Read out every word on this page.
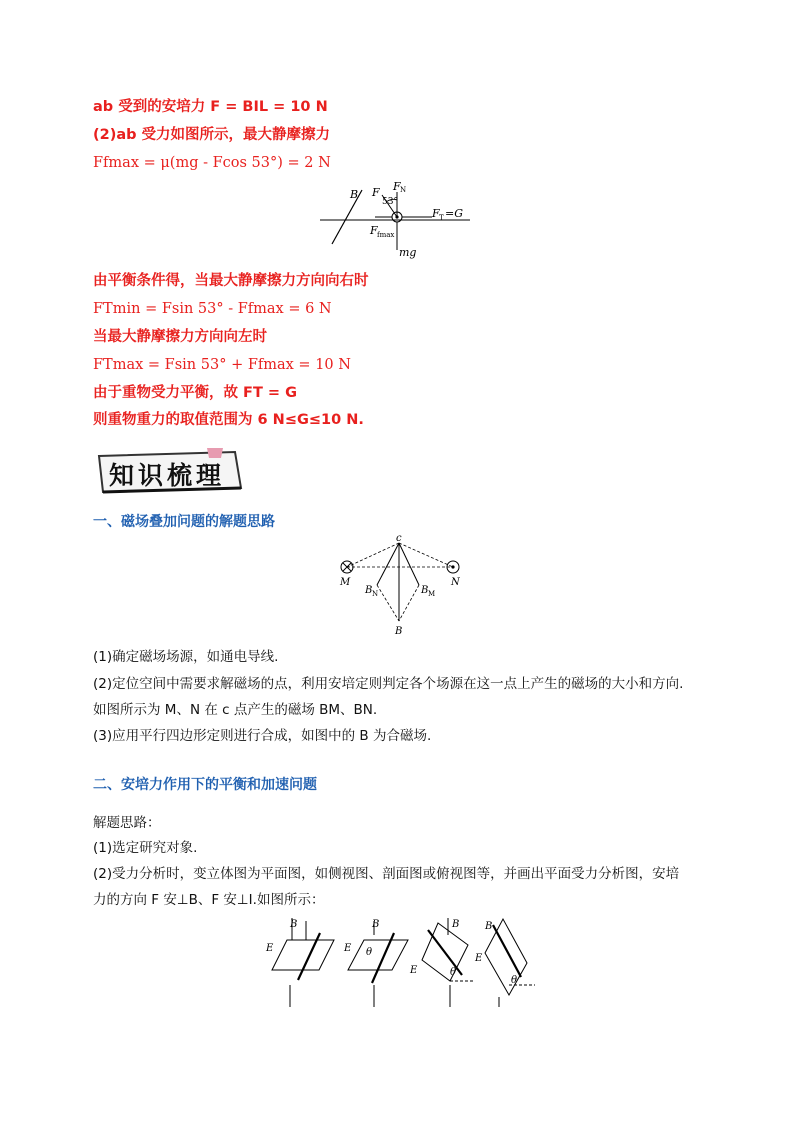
ab 受到的安培力 F = BIL = 10 N
(2)ab 受力如图所示，最大静摩擦力
Ffmax = μ(mg - Fcos 53°) = 2 N
B F F N
53°
F T =G
F fmax
mg
由平衡条件得，当最大静摩擦力方向向右时
FTmin = Fsin 53° - Ffmax = 6 N
当最大静摩擦力方向向左时
FTmax = Fsin 53° + Ffmax = 10 N
由于重物受力平衡，故 FT = G
则重物重力的取值范围为 6 N≤G≤10 N.
知识梳理
一、磁场叠加问题的解题思路
c
M	N
B N	B M
B
(1)确定磁场场源，如通电导线.
(2)定位空间中需要求解磁场的点，利用安培定则判定各个场源在这一点上产生的磁场的大小和方向.
如图所示为 M、N 在 c 点产生的磁场 BM、BN.
(3)应用平行四边形定则进行合成，如图中的 B 为合磁场.
二、安培力作用下的平衡和加速问题
解题思路：
(1)选定研究对象.
(2)受力分析时，变立体图为平面图，如侧视图、剖面图或俯视图等，并画出平面受力分析图，安培
力的方向 F 安⊥B、F 安⊥I.如图所示：
B
E
B
E θ
B
E	θ
B
E
θ
